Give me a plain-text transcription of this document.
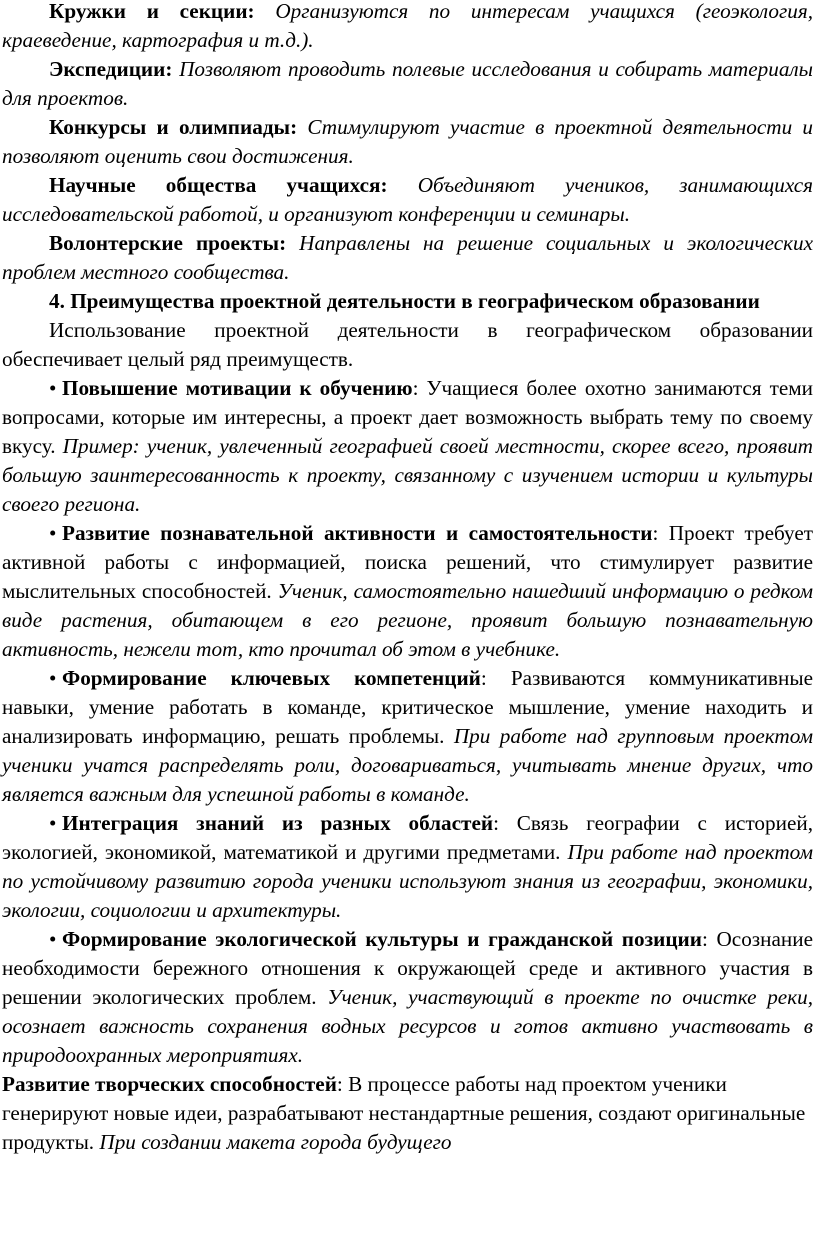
Кружки и секции: Организуются по интересам учащихся (геоэкология, краеведение, картография и т.д.).

Экспедиции: Позволяют проводить полевые исследования и собирать материалы для проектов.

Конкурсы и олимпиады: Стимулируют участие в проектной деятельности и позволяют оценить свои достижения.

Научные общества учащихся: Объединяют учеников, занимающихся исследовательской работой, и организуют конференции и семинары.

Волонтерские проекты: Направлены на решение социальных и экологических проблем местного сообщества.

4. Преимущества проектной деятельности в географическом образовании

Использование проектной деятельности в географическом образовании обеспечивает целый ряд преимуществ.

• Повышение мотивации к обучению: Учащиеся более охотно занимаются теми вопросами, которые им интересны, а проект дает возможность выбрать тему по своему вкусу. Пример: ученик, увлеченный географией своей местности, скорее всего, проявит большую заинтересованность к проекту, связанному с изучением истории и культуры своего региона.

• Развитие познавательной активности и самостоятельности: Проект требует активной работы с информацией, поиска решений, что стимулирует развитие мыслительных способностей. Ученик, самостоятельно нашедший информацию о редком виде растения, обитающем в его регионе, проявит большую познавательную активность, нежели тот, кто прочитал об этом в учебнике.

• Формирование ключевых компетенций: Развиваются коммуникативные навыки, умение работать в команде, критическое мышление, умение находить и анализировать информацию, решать проблемы. При работе над групповым проектом ученики учатся распределять роли, договариваться, учитывать мнение других, что является важным для успешной работы в команде.

• Интеграция знаний из разных областей: Связь географии с историей, экологией, экономикой, математикой и другими предметами. При работе над проектом по устойчивому развитию города ученики используют знания из географии, экономики, экологии, социологии и архитектуры.

• Формирование экологической культуры и гражданской позиции: Осознание необходимости бережного отношения к окружающей среде и активного участия в решении экологических проблем. Ученик, участвующий в проекте по очистке реки, осознает важность сохранения водных ресурсов и готов активно участвовать в природоохранных мероприятиях.

Развитие творческих способностей: В процессе работы над проектом ученики генерируют новые идеи, разрабатывают нестандартные решения, создают оригинальные продукты. При создании макета города будущего
